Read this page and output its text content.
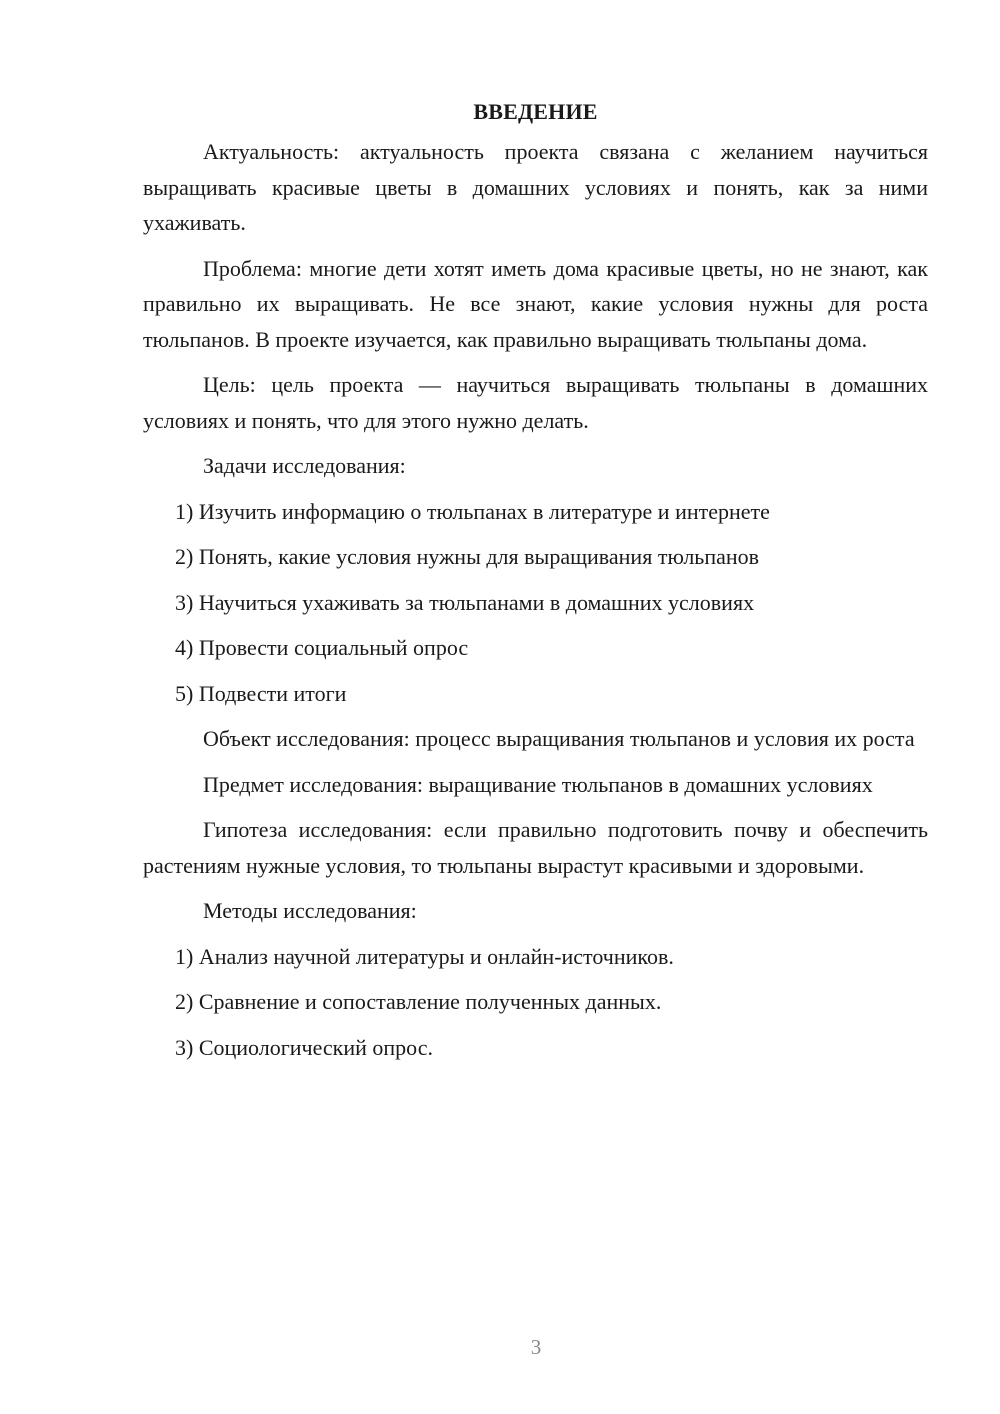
ВВЕДЕНИЕ

Актуальность: актуальность проекта связана с желанием научиться выращивать красивые цветы в домашних условиях и понять, как за ними ухаживать.

Проблема: многие дети хотят иметь дома красивые цветы, но не знают, как правильно их выращивать. Не все знают, какие условия нужны для роста тюльпанов. В проекте изучается, как правильно выращивать тюльпаны дома.

Цель: цель проекта — научиться выращивать тюльпаны в домашних условиях и понять, что для этого нужно делать.

Задачи исследования:

1) Изучить информацию о тюльпанах в литературе и интернете

2) Понять, какие условия нужны для выращивания тюльпанов

3) Научиться ухаживать за тюльпанами в домашних условиях

4) Провести социальный опрос

5) Подвести итоги

Объект исследования: процесс выращивания тюльпанов и условия их роста

Предмет исследования: выращивание тюльпанов в домашних условиях

Гипотеза исследования: если правильно подготовить почву и обеспечить растениям нужные условия, то тюльпаны вырастут красивыми и здоровыми.

Методы исследования:

1) Анализ научной литературы и онлайн-источников.

2) Сравнение и сопоставление полученных данных.

3) Социологический опрос.

3
